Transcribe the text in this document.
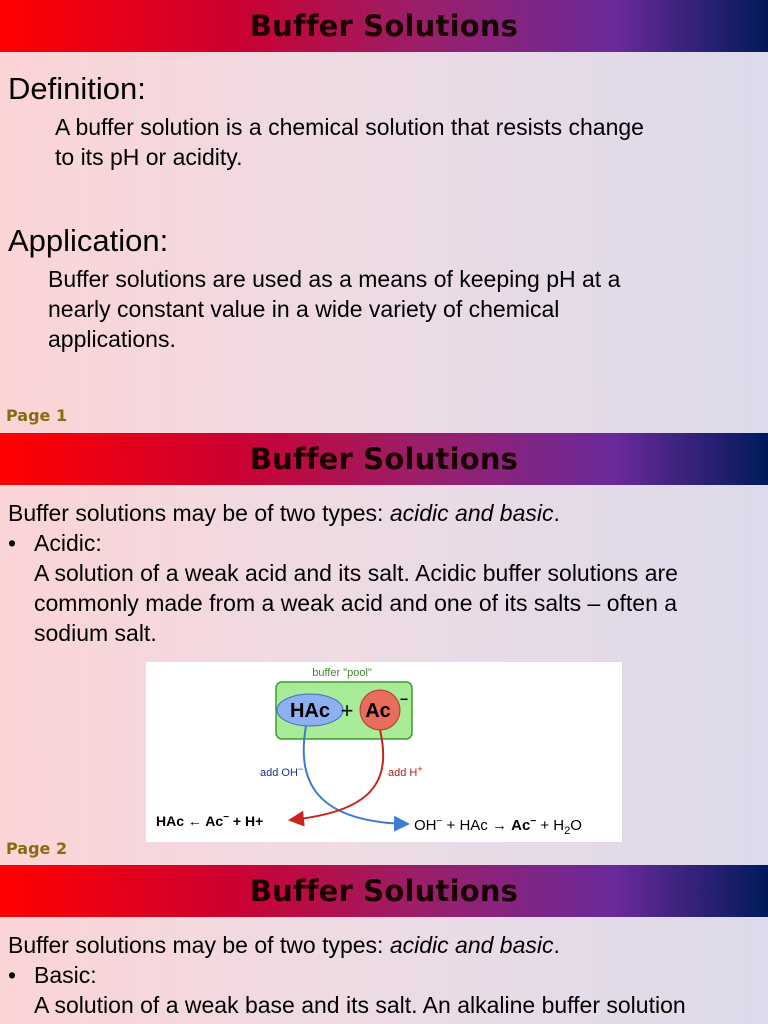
Buffer Solutions
Definition:
A buffer solution is a chemical solution that resists change
to its pH or acidity.
Application:
Buffer solutions are used as a means of keeping pH at a
nearly constant value in a wide variety of chemical
applications.
Page 1
Buffer Solutions
Buffer solutions may be of two types: acidic and basic.
• Acidic:
A solution of a weak acid and its salt. Acidic buffer solutions are
commonly made from a weak acid and one of its salts – often a
sodium salt.
buffer "pool"
HAc + Ac
−
add OH−	add H+
HAc ← Ac− + H+	OH− + HAc → $Ac^- + H_2O$
Page 2
Buffer Solutions
Buffer solutions may be of two types: acidic and basic.
• Basic:
A solution of a weak base and its salt. An alkaline buffer solution
